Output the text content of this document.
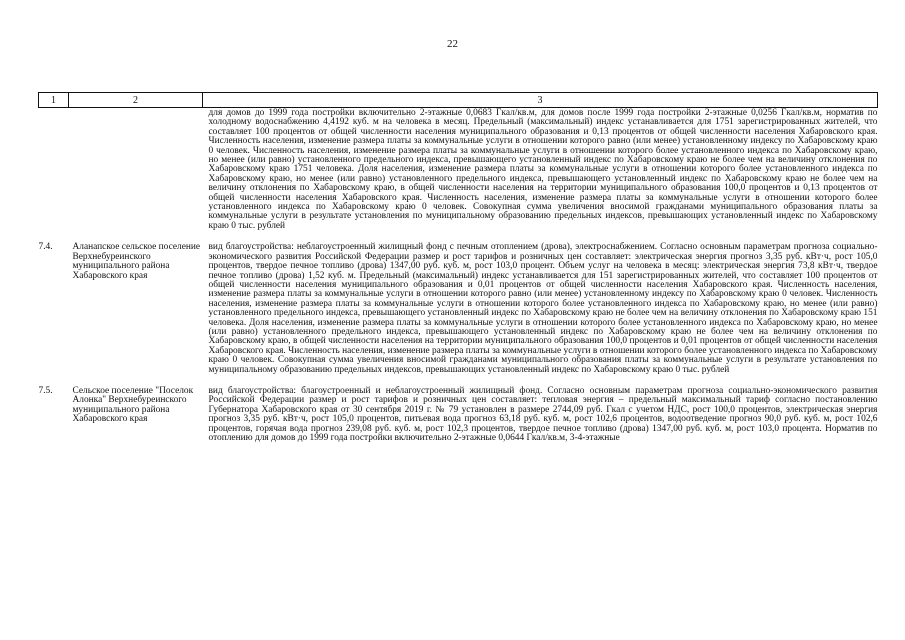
22
1	2	3
		для домов до 1999 года постройки включительно 2-этажные 0,0683 Гкал/кв.м, для домов после 1999 года постройки 2-этажные 0,0256 Гкал/кв.м, норматив по холодному водоснабжению 4,4192 куб. м на человека в месяц. Предельный (максимальный) индекс устанавливается для 1751 зарегистрированных жителей, что составляет 100 процентов от общей численности населения муниципального образования и 0,13 процентов от общей численности населения Хабаровского края. Численность населения, изменение размера платы за коммунальные услуги в отношении которого равно (или менее) установленному индексу по Хабаровскому краю 0 человек. Численность населения, изменение размера платы за коммунальные услуги в отношении которого более установленного индекса по Хабаровскому краю, но менее (или равно) установленного предельного индекса, превышающего установленный индекс по Хабаровскому краю не более чем на величину отклонения по Хабаровскому краю 1751 человека. Доля населения, изменение размера платы за коммунальные услуги в отношении которого более установленного индекса по Хабаровскому краю, но менее (или равно) установленного предельного индекса, превышающего установленный индекс по Хабаровскому краю не более чем на величину отклонения по Хабаровскому краю, в общей численности населения на территории муниципального образования 100,0 процентов и 0,13 процентов от общей численности населения Хабаровского края. Численность населения, изменение размера платы за коммунальные услуги в отношении которого более установленного индекса по Хабаровскому краю 0 человек. Совокупная сумма увеличения вносимой гражданами муниципального образования платы за коммунальные услуги в результате установления по муниципальному образованию предельных индексов, превышающих установленный индекс по Хабаровскому краю 0 тыс. рублей
7.4.	Аланапское сельское поселение Верхнебуреинского муниципального района Хабаровского края	вид благоустройства: неблагоустроенный жилищный фонд с печным отоплением (дрова), электроснабжением. Согласно основным параметрам прогноза социально-экономического развития Российской Федерации размер и рост тарифов и розничных цен составляет: электрическая энергия прогноз 3,35 руб. кВт·ч, рост 105,0 процентов, твердое печное топливо (дрова) 1347,00 руб. куб. м, рост 103,0 процент. Объем услуг на человека в месяц: электрическая энергия 73,8 кВт·ч, твердое печное топливо (дрова) 1,52 куб. м. Предельный (максимальный) индекс устанавливается для 151 зарегистрированных жителей, что составляет 100 процентов от общей численности населения муниципального образования и 0,01 процентов от общей численности населения Хабаровского края. Численность населения, изменение размера платы за коммунальные услуги в отношении которого равно (или менее) установленному индексу по Хабаровскому краю 0 человек. Численность населения, изменение размера платы за коммунальные услуги в отношении которого более установленного индекса по Хабаровскому краю, но менее (или равно) установленного предельного индекса, превышающего установленный индекс по Хабаровскому краю не более чем на величину отклонения по Хабаровскому краю 151 человека. Доля населения, изменение размера платы за коммунальные услуги в отношении которого более установленного индекса по Хабаровскому краю, но менее (или равно) установленного предельного индекса, превышающего установленный индекс по Хабаровскому краю не более чем на величину отклонения по Хабаровскому краю, в общей численности населения на территории муниципального образования 100,0 процентов и 0,01 процентов от общей численности населения Хабаровского края. Численность населения, изменение размера платы за коммунальные услуги в отношении которого более установленного индекса по Хабаровскому краю 0 человек. Совокупная сумма увеличения вносимой гражданами муниципального образования платы за коммунальные услуги в результате установления по муниципальному образованию предельных индексов, превышающих установленный индекс по Хабаровскому краю 0 тыс. рублей
7.5.	Сельское поселение "Поселок Алонка" Верхнебуреинского муниципального района Хабаровского края	вид благоустройства: благоустроенный и неблагоустроенный жилищный фонд. Согласно основным параметрам прогноза социально-экономического развития Российской Федерации размер и рост тарифов и розничных цен составляет: тепловая энергия – предельный максимальный тариф согласно постановлению Губернатора Хабаровского края от 30 сентября 2019 г. № 79 установлен в размере 2744,09 руб. Гкал с учетом НДС, рост 100,0 процентов, электрическая энергия прогноз 3,35 руб. кВт·ч, рост 105,0 процентов, питьевая вода прогноз 63,18 руб. куб. м, рост 102,6 процентов, водоотведение прогноз 90,0 руб. куб. м, рост 102,6 процентов, горячая вода прогноз 239,08 руб. куб. м, рост 102,3 процентов, твердое печное топливо (дрова) 1347,00 руб. куб. м, рост 103,0 процента. Норматив по отоплению для домов до 1999 года постройки включительно 2-этажные 0,0644 Гкал/кв.м, 3-4-этажные
